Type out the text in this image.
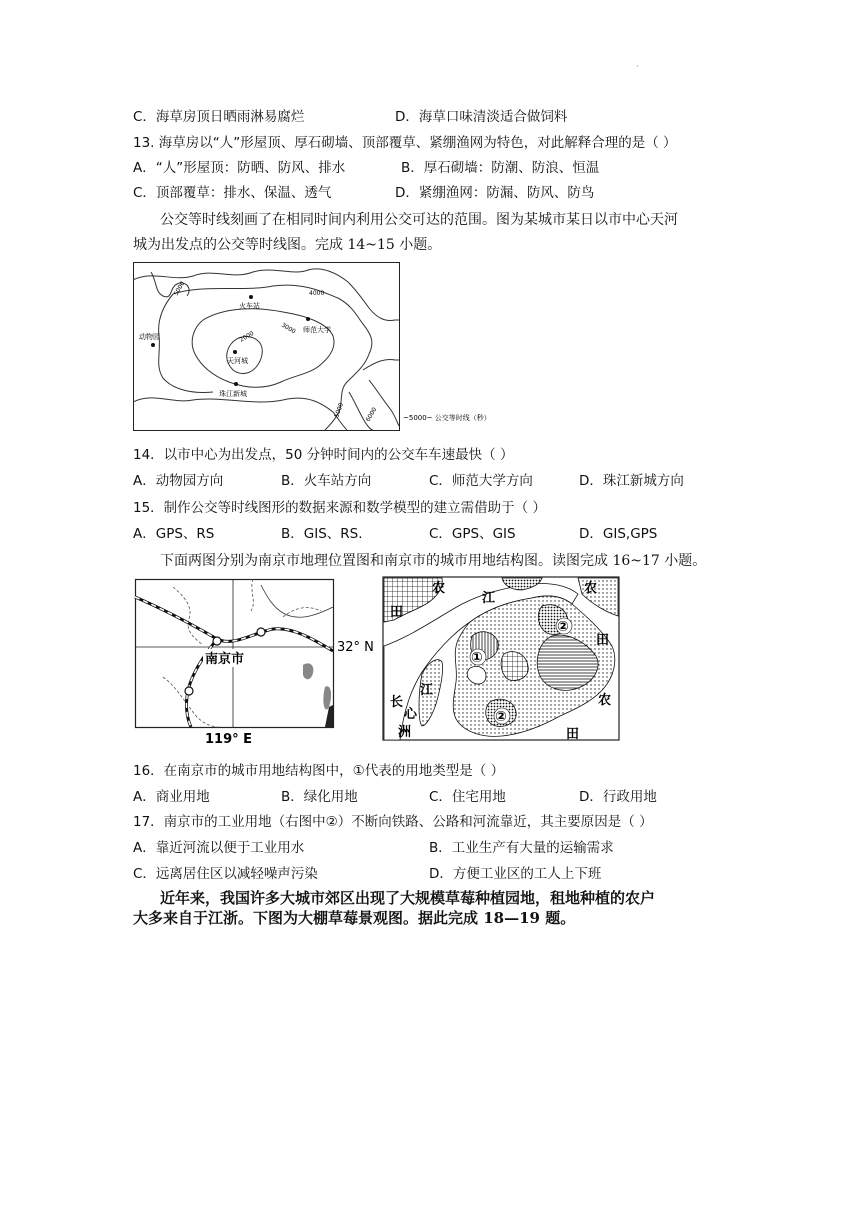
·
C．海草房顶日晒雨淋易腐烂	D．海草口味清淡适合做饲料
13. 海草房以“人”形屋顶、厚石砌墙、顶部覆草、紧绷渔网为特色，对此解释合理的是（ ）
A．“人”形屋顶：防晒、防风、排水	B．厚石砌墙：防潮、防浪、恒温
C．顶部覆草：排水、保温、透气	D．紧绷渔网：防漏、防风、防鸟
公交等时线刻画了在相同时间内利用公交可达的范围。图为某城市某日以市中心天河
城为出发点的公交等时线图。完成 14~15 小题。
火车站
师范大学
动物园
天河城
珠江新城
5000	4000
3000
2000
5000	6000	~5000~ 公交等时线（秒）
14．以市中心为出发点，50 分钟时间内的公交车车速最快（ ）
A．动物园方向	B．火车站方向	C．师范大学方向	D．珠江新城方向
15．制作公交等时线图形的数据来源和数学模型的建立需借助于（ ）
A．GPS、RS	B．GIS、RS.	C．GPS、GIS	D．GIS,GPS
下面两图分别为南京市地理位置图和南京市的城市用地结构图。读图完成 16~17 小题。
南京市
32° N
119° E
农
江
农
田
田
长
江
心
洲
农
田
①
②
②
16．在南京市的城市用地结构图中，①代表的用地类型是（ ）
A．商业用地	B．绿化用地	C．住宅用地	D．行政用地
17．南京市的工业用地（右图中②）不断向铁路、公路和河流靠近，其主要原因是（ ）
A．靠近河流以便于工业用水	B．工业生产有大量的运输需求
C．远离居住区以减轻噪声污染	D．方便工业区的工人上下班
近年来，我国许多大城市郊区出现了大规模草莓种植园地，租地种植的农户
大多来自于江浙。下图为大棚草莓景观图。据此完成 18—19 题。
